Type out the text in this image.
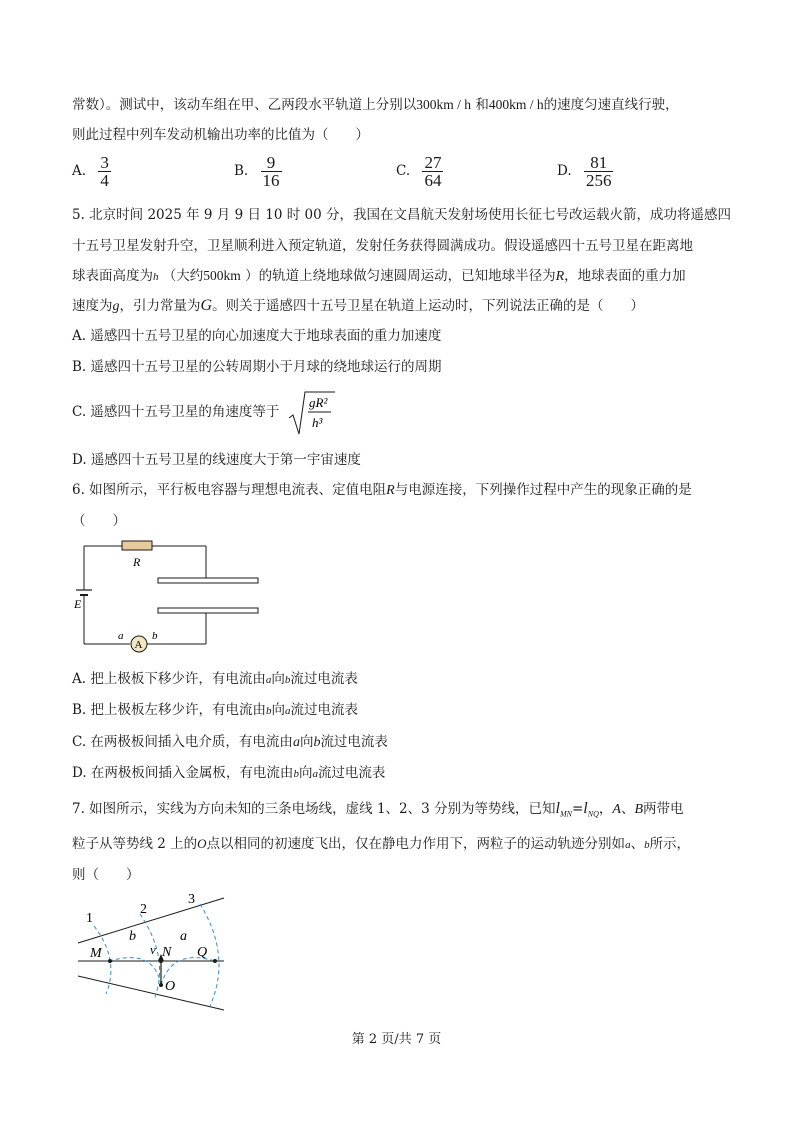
常数）。测试中，该动车组在甲、乙两段水平轨道上分别以300km / h 和400km / h的速度匀速直线行驶，
则此过程中列车发动机输出功率的比值为（　　）
A. $\frac{3}{4}$	B. $\frac{9}{16}$	C. $\frac{27}{64}$	D. $\frac{81}{256}$
5. 北京时间 2025 年 9 月 9 日 10 时 00 分，我国在文昌航天发射场使用长征七号改运载火箭，成功将遥感四
十五号卫星发射升空，卫星顺利进入预定轨道，发射任务获得圆满成功。假设遥感四十五号卫星在距离地
球表面高度为h （大约500km ）的轨道上绕地球做匀速圆周运动，已知地球半径为R，地球表面的重力加
速度为g，引力常量为G。则关于遥感四十五号卫星在轨道上运动时，下列说法正确的是（　　）
A. 遥感四十五号卫星的向心加速度大于地球表面的重力加速度
B. 遥感四十五号卫星的公转周期小于月球的绕地球运行的周期
C. 遥感四十五号卫星的角速度等于
gR²
h³
D. 遥感四十五号卫星的线速度大于第一宇宙速度
6. 如图所示，平行板电容器与理想电流表、定值电阻R与电源连接，下列操作过程中产生的现象正确的是
（　　）
R
E
A
a	b
A. 把上极板下移少许，有电流由a向b流过电流表
B. 把上极板左移少许，有电流由b向a流过电流表
C. 在两极板间插入电介质，有电流由a向b流过电流表
D. 在两极板间插入金属板，有电流由b向a流过电流表
7. 如图所示，实线为方向未知的三条电场线，虚线 1、2、3 分别为等势线，已知$l_{MN}=l_{NQ}$，A、B两带电
粒子从等势线 2 上的O点以相同的初速度飞出，仅在静电力作用下，两粒子的运动轨迹分别如a、b所示，
则（　　）
1
2
3
M	N Q
O
b	a
v
第 2 页/共 7 页
